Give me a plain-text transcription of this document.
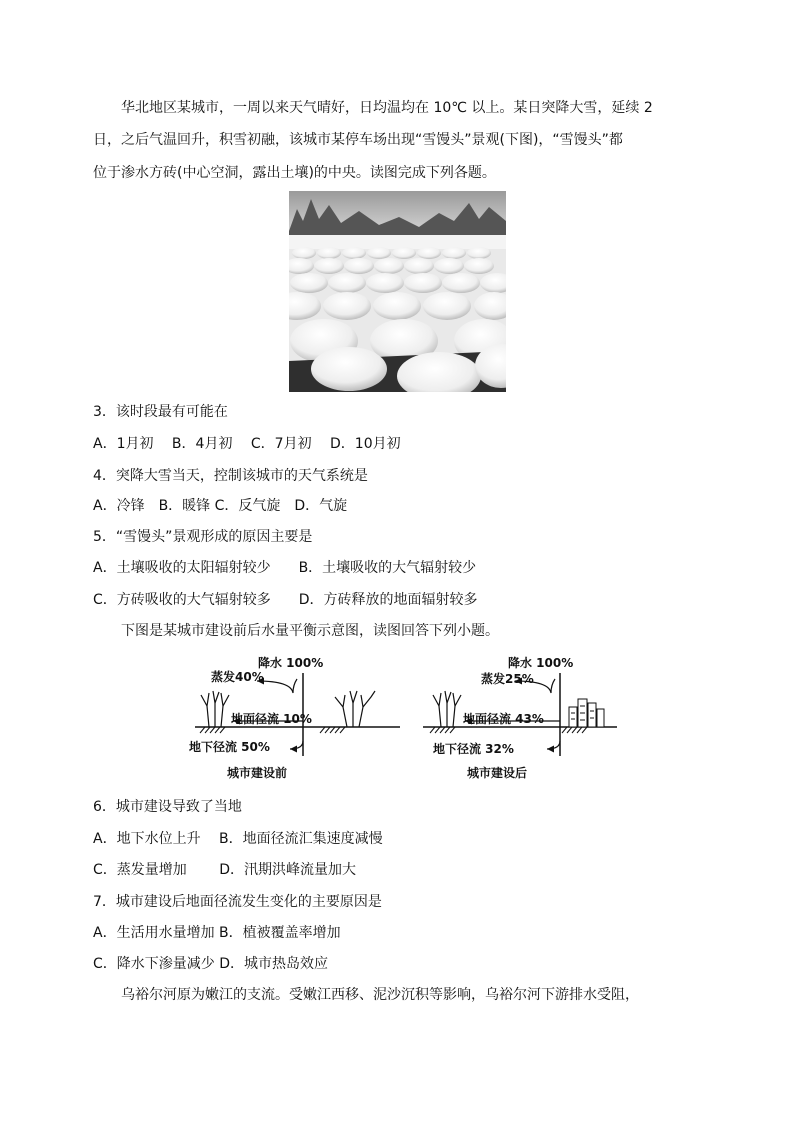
华北地区某城市，一周以来天气晴好，日均温均在 10℃ 以上。某日突降大雪，延续 2
日，之后气温回升，积雪初融，该城市某停车场出现“雪馒头”景观(下图)，“雪馒头”都
位于渗水方砖(中心空洞，露出土壤)的中央。读图完成下列各题。
3．该时段最有可能在
A．1月初　 B．4月初　 C．7月初　 D．10月初
4．突降大雪当天，控制该城市的天气系统是
A．冷锋　B．暖锋 C．反气旋　D．气旋
5．“雪馒头”景观形成的原因主要是
A．土壤吸收的太阳辐射较少　　B．土壤吸收的大气辐射较少
C．方砖吸收的大气辐射较多　　D．方砖释放的地面辐射较多
下图是某城市建设前后水量平衡示意图，读图回答下列小题。
降水 100%
蒸发40%
地面径流 10%
地下径流 50%
城市建设前
降水 100%
蒸发25%
地面径流 43%
地下径流 32%
城市建设后
6．城市建设导致了当地
A．地下水位上升　 B．地面径流汇集速度减慢
C．蒸发量增加　　 D．汛期洪峰流量加大
7．城市建设后地面径流发生变化的主要原因是
A．生活用水量增加 B．植被覆盖率增加
C．降水下渗量减少 D．城市热岛效应
乌裕尔河原为嫩江的支流。受嫩江西移、泥沙沉积等影响，乌裕尔河下游排水受阻，
